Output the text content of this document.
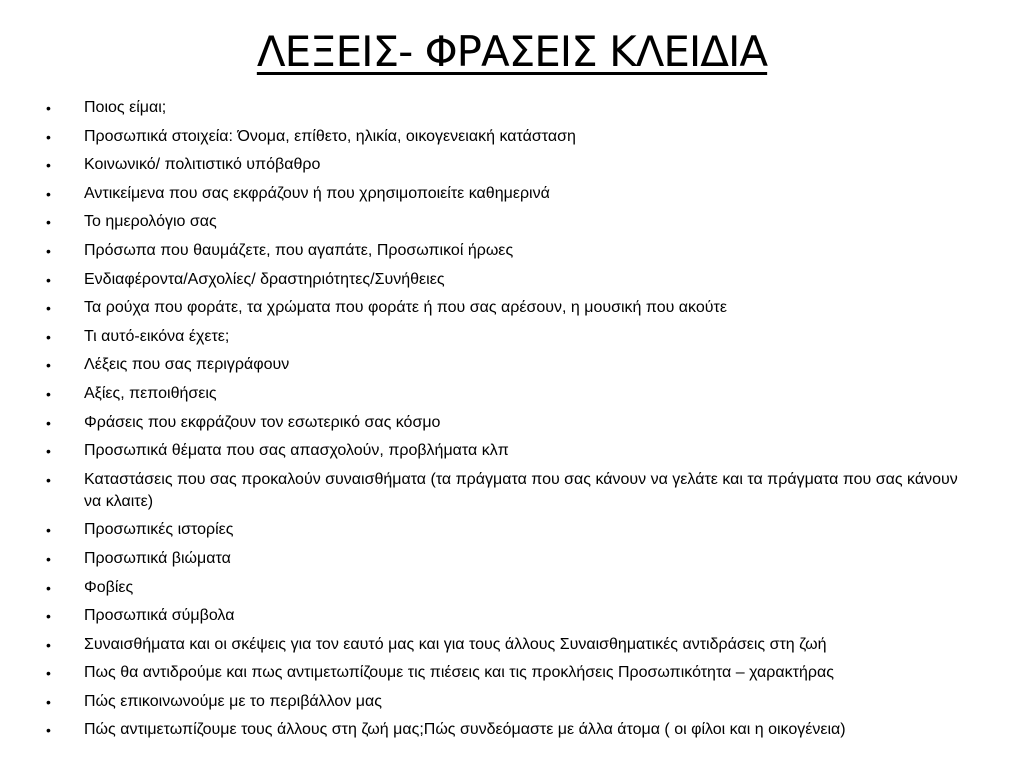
ΛΕΞΕΙΣ- ΦΡΑΣΕΙΣ ΚΛΕΙΔΙΑ
•	Ποιος είμαι;
•	Προσωπικά στοιχεία: Όνομα, επίθετο, ηλικία, οικογενειακή κατάσταση
•	Κοινωνικό/ πολιτιστικό υπόβαθρο
•	Αντικείμενα που σας εκφράζουν ή που χρησιμοποιείτε καθημερινά
•	Το ημερολόγιο σας
•	Πρόσωπα που θαυμάζετε, που αγαπάτε, Προσωπικοί ήρωες
•	Ενδιαφέροντα/Ασχολίες/ δραστηριότητες/Συνήθειες
•	Τα ρούχα που φοράτε, τα χρώματα που φοράτε ή που σας αρέσουν, η μουσική που ακούτε
•	Τι αυτό-εικόνα έχετε;
•	Λέξεις που σας περιγράφουν
•	Αξίες, πεποιθήσεις
•	Φράσεις που εκφράζουν τον εσωτερικό σας κόσμο
•	Προσωπικά θέματα που σας απασχολούν, προβλήματα κλπ
•	Καταστάσεις που σας προκαλούν συναισθήματα (τα πράγματα που σας κάνουν να γελάτε και τα πράγματα που σας κάνουν να κλαιτε)
•	Προσωπικές ιστορίες
•	Προσωπικά βιώματα
•	Φοβίες
•	Προσωπικά σύμβολα
•	Συναισθήματα και οι σκέψεις για τον εαυτό μας και για τους άλλους Συναισθηματικές αντιδράσεις στη ζωή
•	Πως θα αντιδρούμε και πως αντιμετωπίζουμε τις πιέσεις και τις προκλήσεις Προσωπικότητα – χαρακτήρας
•	Πώς επικοινωνούμε με το περιβάλλον μας
•	Πώς αντιμετωπίζουμε τους άλλους στη ζωή μας;Πώς συνδεόμαστε με άλλα άτομα ( οι φίλοι και η οικογένεια)
